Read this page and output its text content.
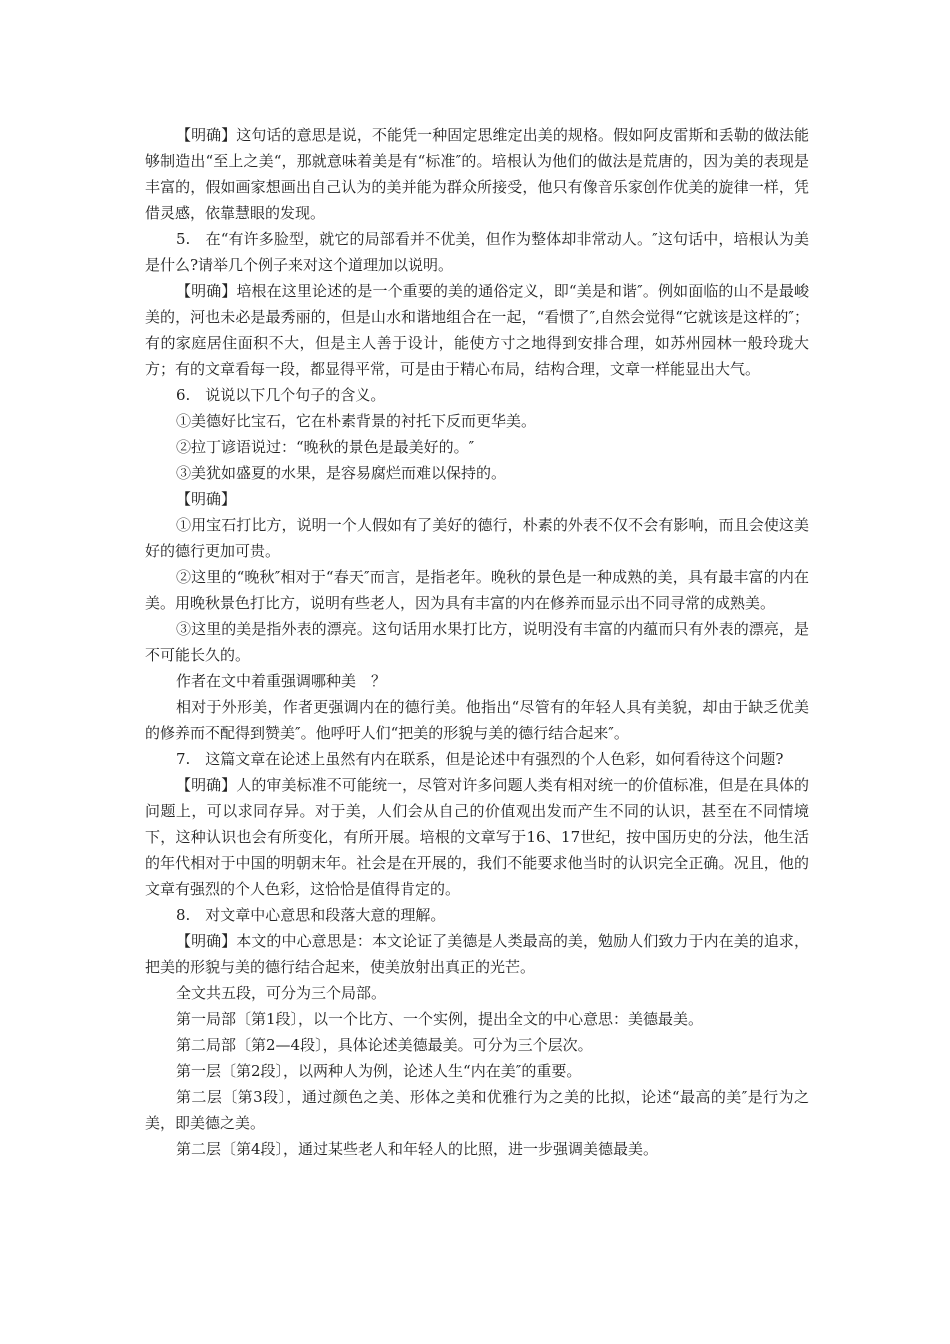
【明确】这句话的意思是说，不能凭一种固定思维定出美的规格。假如阿皮雷斯和丢勒的做法能够制造出“至上之美“，那就意味着美是有“标准″的。培根认为他们的做法是荒唐的，因为美的表现是丰富的，假如画家想画出自己认为的美并能为群众所接受，他只有像音乐家创作优美的旋律一样，凭借灵感，依靠慧眼的发现。

5.　在“有许多脸型，就它的局部看并不优美，但作为整体却非常动人。″这句话中，培根认为美是什么?请举几个例子来对这个道理加以说明。

【明确】培根在这里论述的是一个重要的美的通俗定义，即“美是和谐″。例如面临的山不是最峻美的，河也未必是最秀丽的，但是山水和谐地组合在一起，“看惯了″,自然会觉得“它就该是这样的″；有的家庭居住面积不大，但是主人善于设计，能使方寸之地得到安排合理，如苏州园林一般玲珑大方；有的文章看每一段，都显得平常，可是由于精心布局，结构合理，文章一样能显出大气。

6.　说说以下几个句子的含义。

①美德好比宝石，它在朴素背景的衬托下反而更华美。

②拉丁谚语说过：“晚秋的景色是最美好的。″

③美犹如盛夏的水果，是容易腐烂而难以保持的。

【明确】

①用宝石打比方，说明一个人假如有了美好的德行，朴素的外表不仅不会有影响，而且会使这美好的德行更加可贵。

②这里的“晚秋″相对于“春天″而言，是指老年。晚秋的景色是一种成熟的美，具有最丰富的内在美。用晚秋景色打比方，说明有些老人，因为具有丰富的内在修养而显示出不同寻常的成熟美。

③这里的美是指外表的漂亮。这句话用水果打比方，说明没有丰富的内蕴而只有外表的漂亮，是不可能长久的。

作者在文中着重强调哪种美　？

相对于外形美，作者更强调内在的德行美。他指出“尽管有的年轻人具有美貌，却由于缺乏优美的修养而不配得到赞美″。他呼吁人们“把美的形貌与美的德行结合起来″。

7.　这篇文章在论述上虽然有内在联系，但是论述中有强烈的个人色彩，如何看待这个问题?

【明确】人的审美标准不可能统一，尽管对许多问题人类有相对统一的价值标准，但是在具体的问题上，可以求同存异。对于美，人们会从自己的价值观出发而产生不同的认识，甚至在不同情境下，这种认识也会有所变化，有所开展。培根的文章写于16、17世纪，按中国历史的分法，他生活的年代相对于中国的明朝末年。社会是在开展的，我们不能要求他当时的认识完全正确。况且，他的文章有强烈的个人色彩，这恰恰是值得肯定的。

8.　对文章中心意思和段落大意的理解。

【明确】本文的中心意思是：本文论证了美德是人类最高的美，勉励人们致力于内在美的追求，把美的形貌与美的德行结合起来，使美放射出真正的光芒。

全文共五段，可分为三个局部。

第一局部〔第1段〕，以一个比方、一个实例，提出全文的中心意思：美德最美。

第二局部〔第2—4段〕，具体论述美德最美。可分为三个层次。

第一层〔第2段〕，以两种人为例，论述人生“内在美″的重要。

第二层〔第3段〕，通过颜色之美、形体之美和优雅行为之美的比拟，论述“最高的美″是行为之美，即美德之美。

第二层〔第4段〕，通过某些老人和年轻人的比照，进一步强调美德最美。
